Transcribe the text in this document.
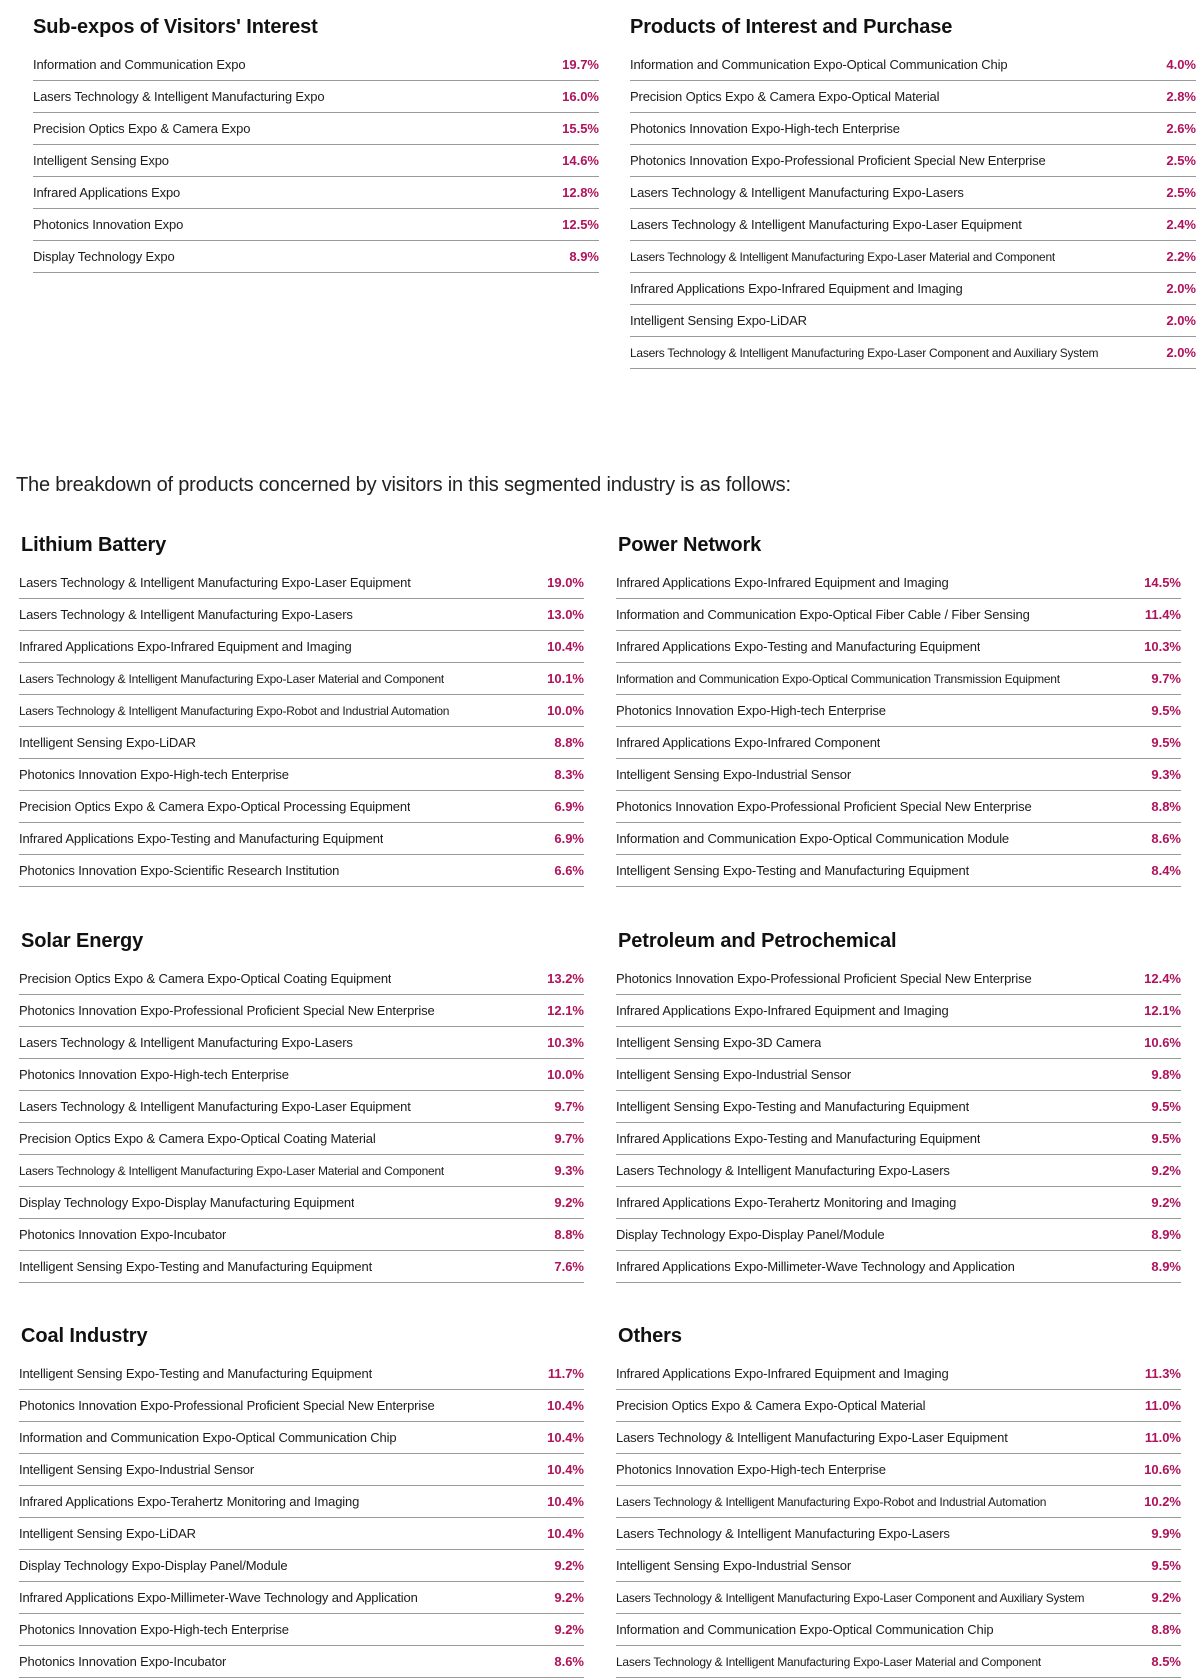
Sub-expos of Visitors' Interest
Information and Communication Expo	19.7%
Lasers Technology & Intelligent Manufacturing Expo	16.0%
Precision Optics Expo & Camera Expo	15.5%
Intelligent Sensing Expo	14.6%
Infrared Applications Expo	12.8%
Photonics Innovation Expo	12.5%
Display Technology Expo	8.9%
Products of Interest and Purchase
Information and Communication Expo-Optical Communication Chip	4.0%
Precision Optics Expo & Camera Expo-Optical Material	2.8%
Photonics Innovation Expo-High-tech Enterprise	2.6%
Photonics Innovation Expo-Professional Proficient Special New Enterprise	2.5%
Lasers Technology & Intelligent Manufacturing Expo-Lasers	2.5%
Lasers Technology & Intelligent Manufacturing Expo-Laser Equipment	2.4%
Lasers Technology & Intelligent Manufacturing Expo-Laser Material and Component	2.2%
Infrared Applications Expo-Infrared Equipment and Imaging	2.0%
Intelligent Sensing Expo-LiDAR	2.0%
Lasers Technology & Intelligent Manufacturing Expo-Laser Component and Auxiliary System	2.0%

The breakdown of products concerned by visitors in this segmented industry is as follows:

Lithium Battery
Lasers Technology & Intelligent Manufacturing Expo-Laser Equipment	19.0%
Lasers Technology & Intelligent Manufacturing Expo-Lasers	13.0%
Infrared Applications Expo-Infrared Equipment and Imaging	10.4%
Lasers Technology & Intelligent Manufacturing Expo-Laser Material and Component	10.1%
Lasers Technology & Intelligent Manufacturing Expo-Robot and Industrial Automation	10.0%
Intelligent Sensing Expo-LiDAR	8.8%
Photonics Innovation Expo-High-tech Enterprise	8.3%
Precision Optics Expo & Camera Expo-Optical Processing Equipment	6.9%
Infrared Applications Expo-Testing and Manufacturing Equipment	6.9%
Photonics Innovation Expo-Scientific Research Institution	6.6%
Power Network
Infrared Applications Expo-Infrared Equipment and Imaging	14.5%
Information and Communication Expo-Optical Fiber Cable / Fiber Sensing	11.4%
Infrared Applications Expo-Testing and Manufacturing Equipment	10.3%
Information and Communication Expo-Optical Communication Transmission Equipment	9.7%
Photonics Innovation Expo-High-tech Enterprise	9.5%
Infrared Applications Expo-Infrared Component	9.5%
Intelligent Sensing Expo-Industrial Sensor	9.3%
Photonics Innovation Expo-Professional Proficient Special New Enterprise	8.8%
Information and Communication Expo-Optical Communication Module	8.6%
Intelligent Sensing Expo-Testing and Manufacturing Equipment	8.4%
Solar Energy
Precision Optics Expo & Camera Expo-Optical Coating Equipment	13.2%
Photonics Innovation Expo-Professional Proficient Special New Enterprise	12.1%
Lasers Technology & Intelligent Manufacturing Expo-Lasers	10.3%
Photonics Innovation Expo-High-tech Enterprise	10.0%
Lasers Technology & Intelligent Manufacturing Expo-Laser Equipment	9.7%
Precision Optics Expo & Camera Expo-Optical Coating Material	9.7%
Lasers Technology & Intelligent Manufacturing Expo-Laser Material and Component	9.3%
Display Technology Expo-Display Manufacturing Equipment	9.2%
Photonics Innovation Expo-Incubator	8.8%
Intelligent Sensing Expo-Testing and Manufacturing Equipment	7.6%
Petroleum and Petrochemical
Photonics Innovation Expo-Professional Proficient Special New Enterprise	12.4%
Infrared Applications Expo-Infrared Equipment and Imaging	12.1%
Intelligent Sensing Expo-3D Camera	10.6%
Intelligent Sensing Expo-Industrial Sensor	9.8%
Intelligent Sensing Expo-Testing and Manufacturing Equipment	9.5%
Infrared Applications Expo-Testing and Manufacturing Equipment	9.5%
Lasers Technology & Intelligent Manufacturing Expo-Lasers	9.2%
Infrared Applications Expo-Terahertz Monitoring and Imaging	9.2%
Display Technology Expo-Display Panel/Module	8.9%
Infrared Applications Expo-Millimeter-Wave Technology and Application	8.9%
Coal Industry
Intelligent Sensing Expo-Testing and Manufacturing Equipment	11.7%
Photonics Innovation Expo-Professional Proficient Special New Enterprise	10.4%
Information and Communication Expo-Optical Communication Chip	10.4%
Intelligent Sensing Expo-Industrial Sensor	10.4%
Infrared Applications Expo-Terahertz Monitoring and Imaging	10.4%
Intelligent Sensing Expo-LiDAR	10.4%
Display Technology Expo-Display Panel/Module	9.2%
Infrared Applications Expo-Millimeter-Wave Technology and Application	9.2%
Photonics Innovation Expo-High-tech Enterprise	9.2%
Photonics Innovation Expo-Incubator	8.6%
Others
Infrared Applications Expo-Infrared Equipment and Imaging	11.3%
Precision Optics Expo & Camera Expo-Optical Material	11.0%
Lasers Technology & Intelligent Manufacturing Expo-Laser Equipment	11.0%
Photonics Innovation Expo-High-tech Enterprise	10.6%
Lasers Technology & Intelligent Manufacturing Expo-Robot and Industrial Automation	10.2%
Lasers Technology & Intelligent Manufacturing Expo-Lasers	9.9%
Intelligent Sensing Expo-Industrial Sensor	9.5%
Lasers Technology & Intelligent Manufacturing Expo-Laser Component and Auxiliary System	9.2%
Information and Communication Expo-Optical Communication Chip	8.8%
Lasers Technology & Intelligent Manufacturing Expo-Laser Material and Component	8.5%
